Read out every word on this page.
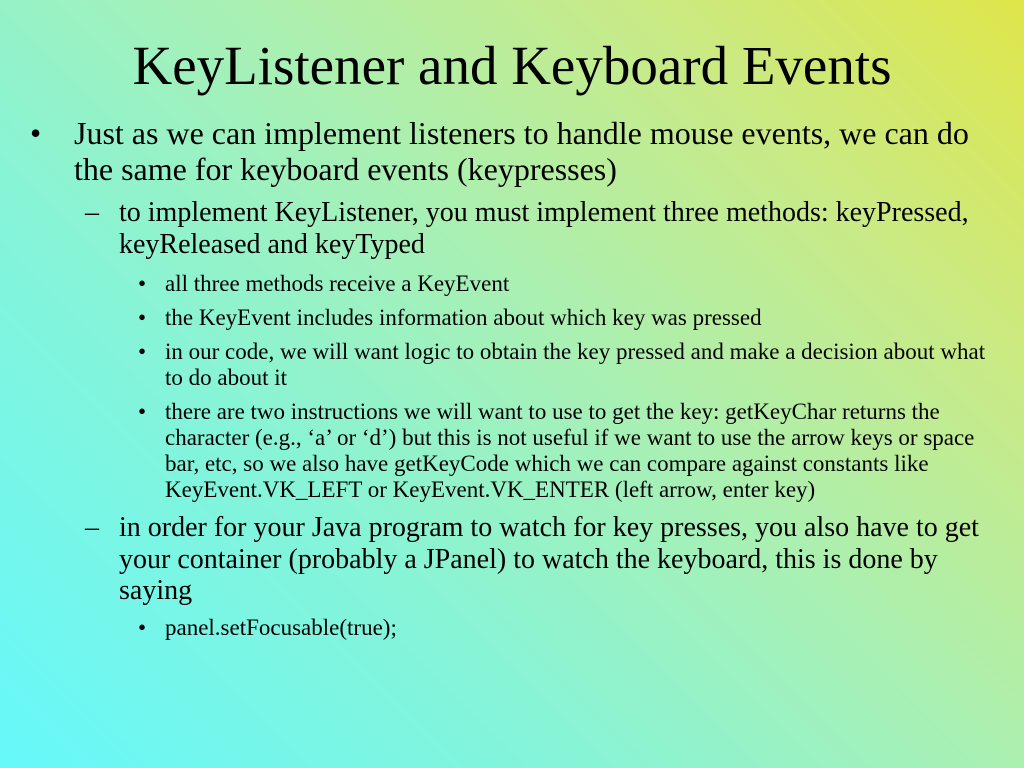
KeyListener and Keyboard Events
• Just as we can implement listeners to handle mouse events, we can do the same for keyboard events (keypresses)
– to implement KeyListener, you must implement three methods: keyPressed, keyReleased and keyTyped
• all three methods receive a KeyEvent
• the KeyEvent includes information about which key was pressed
• in our code, we will want logic to obtain the key pressed and make a decision about what to do about it
• there are two instructions we will want to use to get the key: getKeyChar returns the character (e.g., ‘a’ or ‘d’) but this is not useful if we want to use the arrow keys or space bar, etc, so we also have getKeyCode which we can compare against constants like KeyEvent.VK_LEFT or KeyEvent.VK_ENTER (left arrow, enter key)
– in order for your Java program to watch for key presses, you also have to get your container (probably a JPanel) to watch the keyboard, this is done by saying
• panel.setFocusable(true);
